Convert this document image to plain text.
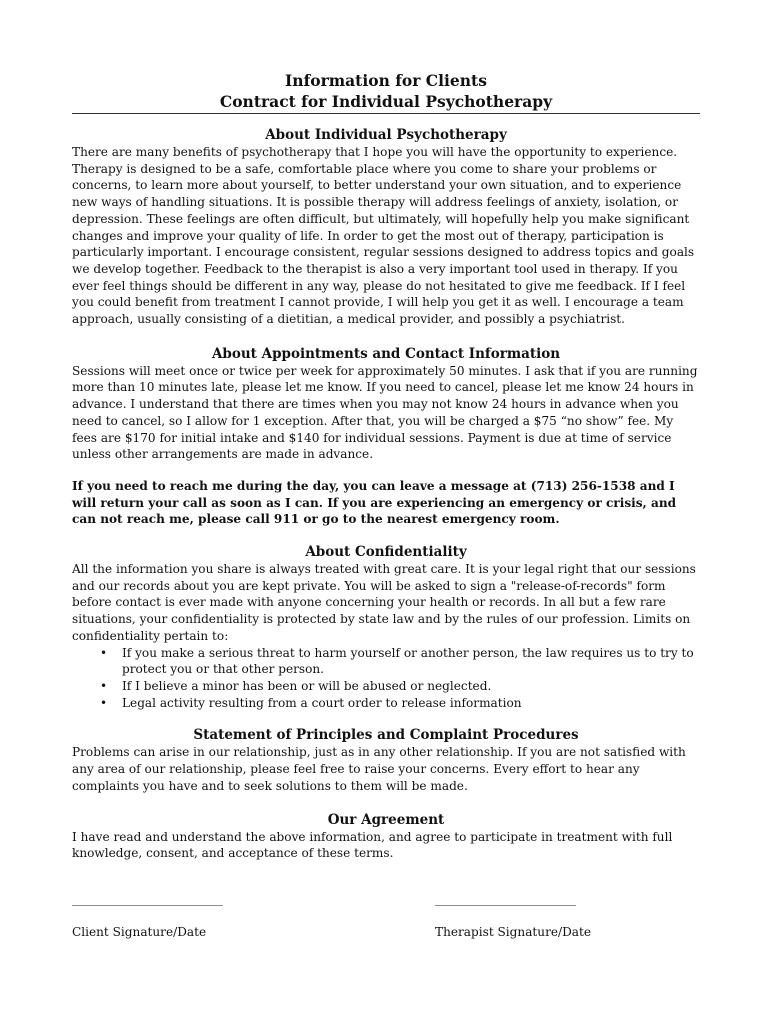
Information for Clients
Contract for Individual Psychotherapy
About Individual Psychotherapy

There are many benefits of psychotherapy that I hope you will have the opportunity to experience. Therapy is designed to be a safe, comfortable place where you come to share your problems or concerns, to learn more about yourself, to better understand your own situation, and to experience new ways of handling situations. It is possible therapy will address feelings of anxiety, isolation, or depression. These feelings are often difficult, but ultimately, will hopefully help you make significant changes and improve your quality of life. In order to get the most out of therapy, participation is particularly important. I encourage consistent, regular sessions designed to address topics and goals we develop together. Feedback to the therapist is also a very important tool used in therapy. If you ever feel things should be different in any way, please do not hesitated to give me feedback. If I feel you could benefit from treatment I cannot provide, I will help you get it as well. I encourage a team approach, usually consisting of a dietitian, a medical provider, and possibly a psychiatrist.

About Appointments and Contact Information

Sessions will meet once or twice per week for approximately 50 minutes. I ask that if you are running more than 10 minutes late, please let me know. If you need to cancel, please let me know 24 hours in advance. I understand that there are times when you may not know 24 hours in advance when you need to cancel, so I allow for 1 exception. After that, you will be charged a $75 “no show” fee. My fees are $170 for initial intake and $140 for individual sessions. Payment is due at time of service unless other arrangements are made in advance.

If you need to reach me during the day, you can leave a message at (713) 256-1538 and I will return your call as soon as I can. If you are experiencing an emergency or crisis, and can not reach me, please call 911 or go to the nearest emergency room.

About Confidentiality

All the information you share is always treated with great care. It is your legal right that our sessions and our records about you are kept private. You will be asked to sign a "release-of-records" form before contact is ever made with anyone concerning your health or records. In all but a few rare situations, your confidentiality is protected by state law and by the rules of our profession. Limits on confidentiality pertain to:

• If you make a serious threat to harm yourself or another person, the law requires us to try to protect you or that other person.
• If I believe a minor has been or will be abused or neglected.
• Legal activity resulting from a court order to release information
Statement of Principles and Complaint Procedures

Problems can arise in our relationship, just as in any other relationship. If you are not satisfied with any area of our relationship, please feel free to raise your concerns. Every effort to hear any complaints you have and to seek solutions to them will be made.

Our Agreement

I have read and understand the above information, and agree to participate in treatment with full knowledge, consent, and acceptance of these terms.

______________________________
Client Signature/Date
____________________________
Therapist Signature/Date
